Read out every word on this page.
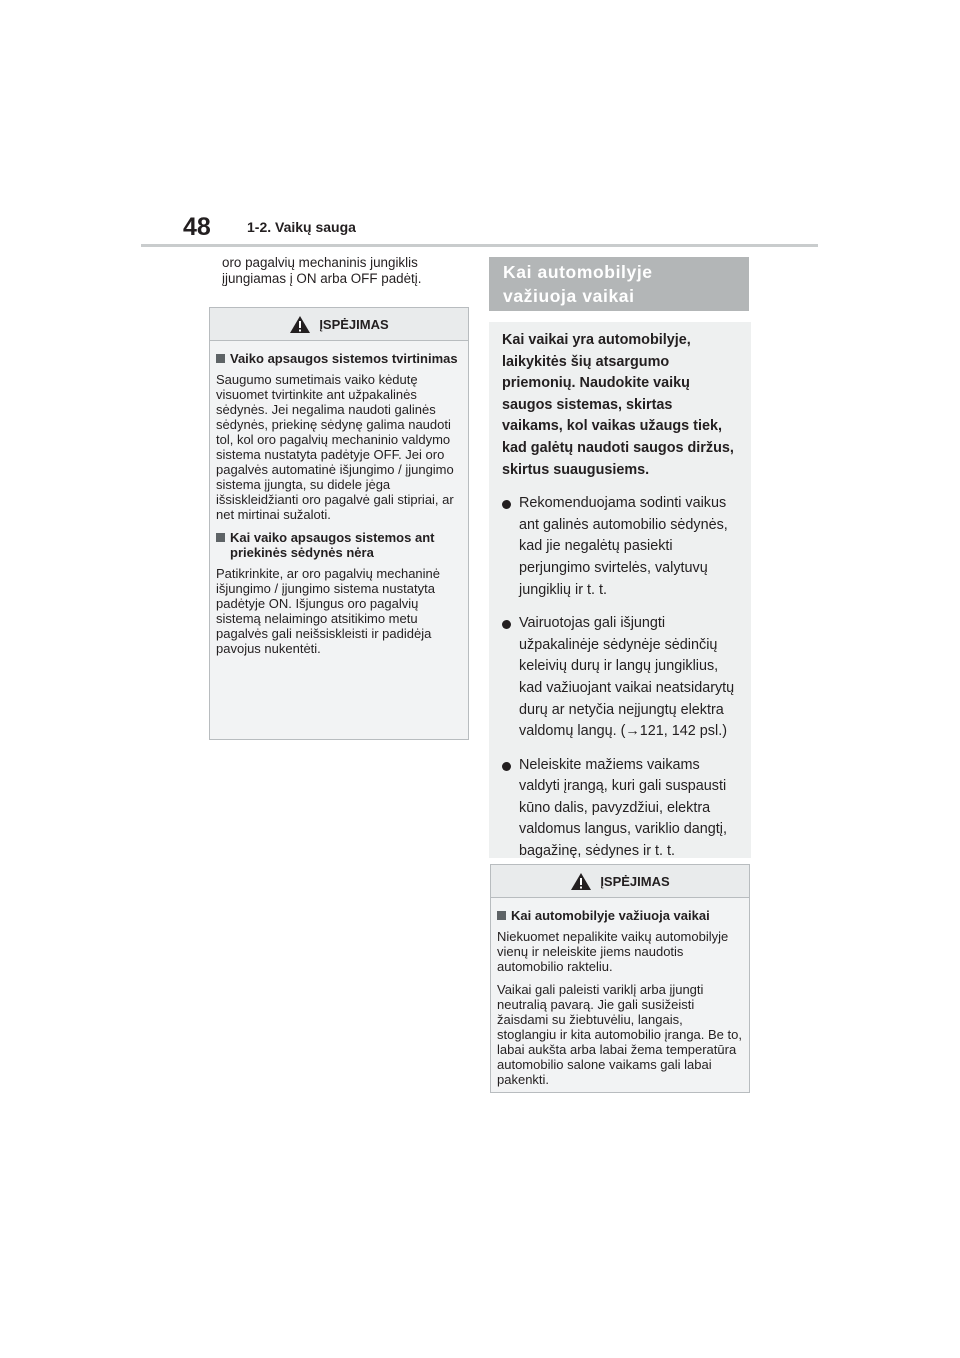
48	1-2. Vaikų sauga
oro pagalvių mechaninis jungiklis įjungiamas į ON arba OFF padėtį.
ĮSPĖJIMAS
Vaiko apsaugos sistemos tvirtinimas
Saugumo sumetimais vaiko kėdutę visuomet tvirtinkite ant užpakalinės sėdynės. Jei negalima naudoti galinės sėdynės, priekinę sėdynę galima naudoti tol, kol oro pagalvių mechaninio valdymo sistema nustatyta padėtyje OFF. Jei oro pagalvės automatinė išjungimo / įjungimo sistema įjungta, su didele jėga išsiskleidžianti oro pagalvė gali stipriai, ar net mirtinai sužaloti.
Kai vaiko apsaugos sistemos ant priekinės sėdynės nėra
Patikrinkite, ar oro pagalvių mechaninė išjungimo / įjungimo sistema nustatyta padėtyje ON. Išjungus oro pagalvių sistemą nelaimingo atsitikimo metu pagalvės gali neišsiskleisti ir padidėja pavojus nukentėti.
Kai automobilyje
važiuoja vaikai

Kai vaikai yra automobilyje, laikykitės šių atsargumo priemonių. Naudokite vaikų saugos sistemas, skirtas vaikams, kol vaikas užaugs tiek, kad galėtų naudoti saugos diržus, skirtus suaugusiems.

Rekomenduojama sodinti vaikus ant galinės automobilio sėdynės, kad jie negalėtų pasiekti perjungimo svirtelės, valytuvų jungiklių ir t. t.
Vairuotojas gali išjungti užpakalinėje sėdynėje sėdinčių keleivių durų ir langų jungiklius, kad važiuojant vaikai neatsidarytų durų ar netyčia neįjungtų elektra valdomų langų. (→121, 142 psl.)
Neleiskite mažiems vaikams valdyti įrangą, kuri gali suspausti kūno dalis, pavyzdžiui, elektra valdomus langus, variklio dangtį, bagažinę, sėdynes ir t. t.
ĮSPĖJIMAS
Kai automobilyje važiuoja vaikai
Niekuomet nepalikite vaikų automobilyje vienų ir neleiskite jiems naudotis automobilio rakteliu.
Vaikai gali paleisti variklį arba įjungti neutralią pavarą. Jie gali susižeisti žaisdami su žiebtuvėliu, langais, stoglangiu ir kita automobilio įranga. Be to, labai aukšta arba labai žema temperatūra automobilio salone vaikams gali labai pakenkti.
